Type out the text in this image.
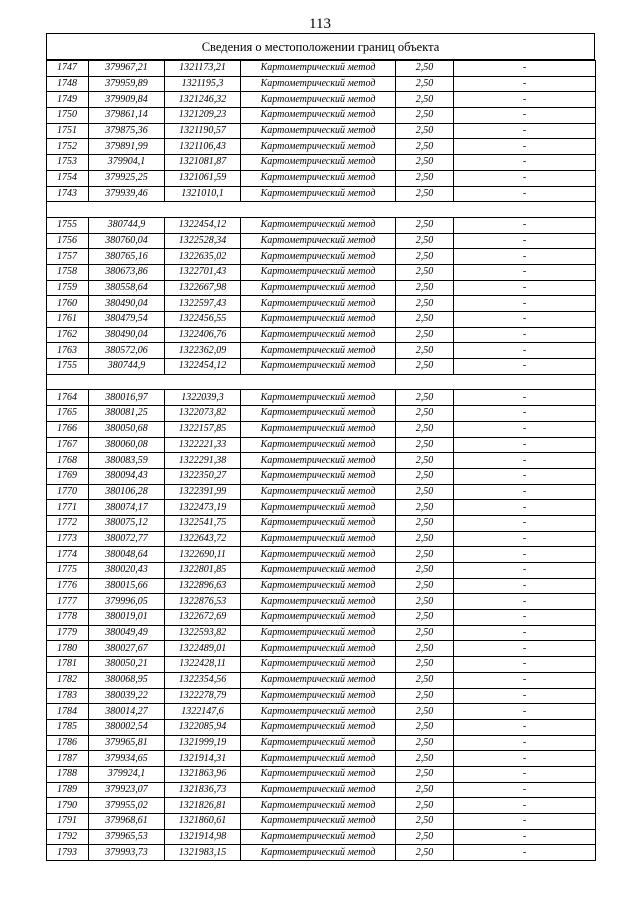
113
Сведения о местоположении границ объекта
1747	379967,21	1321173,21	Картометрический метод	2,50	-
1748	379959,89	1321195,3	Картометрический метод	2,50	-
1749	379909,84	1321246,32	Картометрический метод	2,50	-
1750	379861,14	1321209,23	Картометрический метод	2,50	-
1751	379875,36	1321190,57	Картометрический метод	2,50	-
1752	379891,99	1321106,43	Картометрический метод	2,50	-
1753	379904,1	1321081,87	Картометрический метод	2,50	-
1754	379925,25	1321061,59	Картометрический метод	2,50	-
1743	379939,46	1321010,1	Картометрический метод	2,50	-

1755	380744,9	1322454,12	Картометрический метод	2,50	-
1756	380760,04	1322528,34	Картометрический метод	2,50	-
1757	380765,16	1322635,02	Картометрический метод	2,50	-
1758	380673,86	1322701,43	Картометрический метод	2,50	-
1759	380558,64	1322667,98	Картометрический метод	2,50	-
1760	380490,04	1322597,43	Картометрический метод	2,50	-
1761	380479,54	1322456,55	Картометрический метод	2,50	-
1762	380490,04	1322406,76	Картометрический метод	2,50	-
1763	380572,06	1322362,09	Картометрический метод	2,50	-
1755	380744,9	1322454,12	Картометрический метод	2,50	-

1764	380016,97	1322039,3	Картометрический метод	2,50	-
1765	380081,25	1322073,82	Картометрический метод	2,50	-
1766	380050,68	1322157,85	Картометрический метод	2,50	-
1767	380060,08	1322221,33	Картометрический метод	2,50	-
1768	380083,59	1322291,38	Картометрический метод	2,50	-
1769	380094,43	1322350,27	Картометрический метод	2,50	-
1770	380106,28	1322391,99	Картометрический метод	2,50	-
1771	380074,17	1322473,19	Картометрический метод	2,50	-
1772	380075,12	1322541,75	Картометрический метод	2,50	-
1773	380072,77	1322643,72	Картометрический метод	2,50	-
1774	380048,64	1322690,11	Картометрический метод	2,50	-
1775	380020,43	1322801,85	Картометрический метод	2,50	-
1776	380015,66	1322896,63	Картометрический метод	2,50	-
1777	379996,05	1322876,53	Картометрический метод	2,50	-
1778	380019,01	1322672,69	Картометрический метод	2,50	-
1779	380049,49	1322593,82	Картометрический метод	2,50	-
1780	380027,67	1322489,01	Картометрический метод	2,50	-
1781	380050,21	1322428,11	Картометрический метод	2,50	-
1782	380068,95	1322354,56	Картометрический метод	2,50	-
1783	380039,22	1322278,79	Картометрический метод	2,50	-
1784	380014,27	1322147,6	Картометрический метод	2,50	-
1785	380002,54	1322085,94	Картометрический метод	2,50	-
1786	379965,81	1321999,19	Картометрический метод	2,50	-
1787	379934,65	1321914,31	Картометрический метод	2,50	-
1788	379924,1	1321863,96	Картометрический метод	2,50	-
1789	379923,07	1321836,73	Картометрический метод	2,50	-
1790	379955,02	1321826,81	Картометрический метод	2,50	-
1791	379968,61	1321860,61	Картометрический метод	2,50	-
1792	379965,53	1321914,98	Картометрический метод	2,50	-
1793	379993,73	1321983,15	Картометрический метод	2,50	-
